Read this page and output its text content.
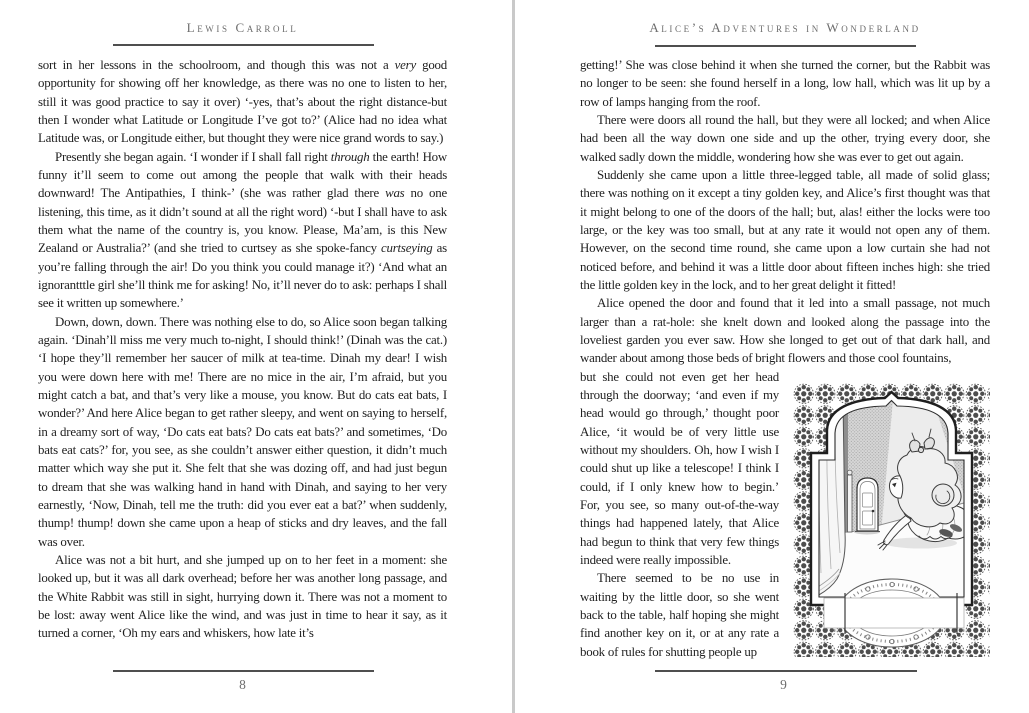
Lewis Carroll

sort in her lessons in the schoolroom, and though this was not a very good opportunity for showing off her knowledge, as there was no one to listen to her, still it was good practice to say it over) ‘-yes, that’s about the right distance-but then I wonder what Latitude or Longitude I’ve got to?’ (Alice had no idea what Latitude was, or Longitude either, but thought they were nice grand words to say.)

Presently she began again. ‘I wonder if I shall fall right through the earth! How funny it’ll seem to come out among the people that walk with their heads downward! The Antipathies, I think-’ (she was rather glad there was no one listening, this time, as it didn’t sound at all the right word) ‘-but I shall have to ask them what the name of the country is, you know. Please, Ma’am, is this New Zealand or Australia?’ (and she tried to curtsey as she spoke-fancy curtseying as you’re falling through the air! Do you think you could manage it?) ‘And what an ignorantttle girl she’ll think me for asking! No, it’ll never do to ask: perhaps I shall see it written up somewhere.’

Down, down, down. There was nothing else to do, so Alice soon began talking again. ‘Dinah’ll miss me very much to-night, I should think!’ (Dinah was the cat.) ‘I hope they’ll remember her saucer of milk at tea-time. Dinah my dear! I wish you were down here with me! There are no mice in the air, I’m afraid, but you might catch a bat, and that’s very like a mouse, you know. But do cats eat bats, I wonder?’ And here Alice began to get rather sleepy, and went on saying to herself, in a dreamy sort of way, ‘Do cats eat bats? Do cats eat bats?’ and sometimes, ‘Do bats eat cats?’ for, you see, as she couldn’t answer either question, it didn’t much matter which way she put it. She felt that she was dozing off, and had just begun to dream that she was walking hand in hand with Dinah, and saying to her very earnestly, ‘Now, Dinah, tell me the truth: did you ever eat a bat?’ when suddenly, thump! thump! down she came upon a heap of sticks and dry leaves, and the fall was over.

Alice was not a bit hurt, and she jumped up on to her feet in a moment: she looked up, but it was all dark overhead; before her was another long passage, and the White Rabbit was still in sight, hurrying down it. There was not a moment to be lost: away went Alice like the wind, and was just in time to hear it say, as it turned a corner, ‘Oh my ears and whiskers, how late it’s

8
Alice’s Adventures in Wonderland

getting!’ She was close behind it when she turned the corner, but the Rabbit was no longer to be seen: she found herself in a long, low hall, which was lit up by a row of lamps hanging from the roof.

There were doors all round the hall, but they were all locked; and when Alice had been all the way down one side and up the other, trying every door, she walked sadly down the middle, wondering how she was ever to get out again.

Suddenly she came upon a little three-legged table, all made of solid glass; there was nothing on it except a tiny golden key, and Alice’s first thought was that it might belong to one of the doors of the hall; but, alas! either the locks were too large, or the key was too small, but at any rate it would not open any of them. However, on the second time round, she came upon a low curtain she had not noticed before, and behind it was a little door about fifteen inches high: she tried the little golden key in the lock, and to her great delight it fitted!

Alice opened the door and found that it led into a small passage, not much larger than a rat-hole: she knelt down and looked along the passage into the loveliest garden you ever saw. How she longed to get out of that dark hall, and wander about among those beds of bright flowers and those cool fountains,

but she could not even get her head through the doorway; ‘and even if my head would go through,’ thought poor Alice, ‘it would be of very little use without my shoulders. Oh, how I wish I could shut up like a telescope! I think I could, if I only knew how to begin.’ For, you see, so many out-of-the-way things had happened lately, that Alice had begun to think that very few things indeed were really impossible.

There seemed to be no use in waiting by the little door, so she went back to the table, half hoping she might find another key on it, or at any rate a book of rules for shutting people up

9
